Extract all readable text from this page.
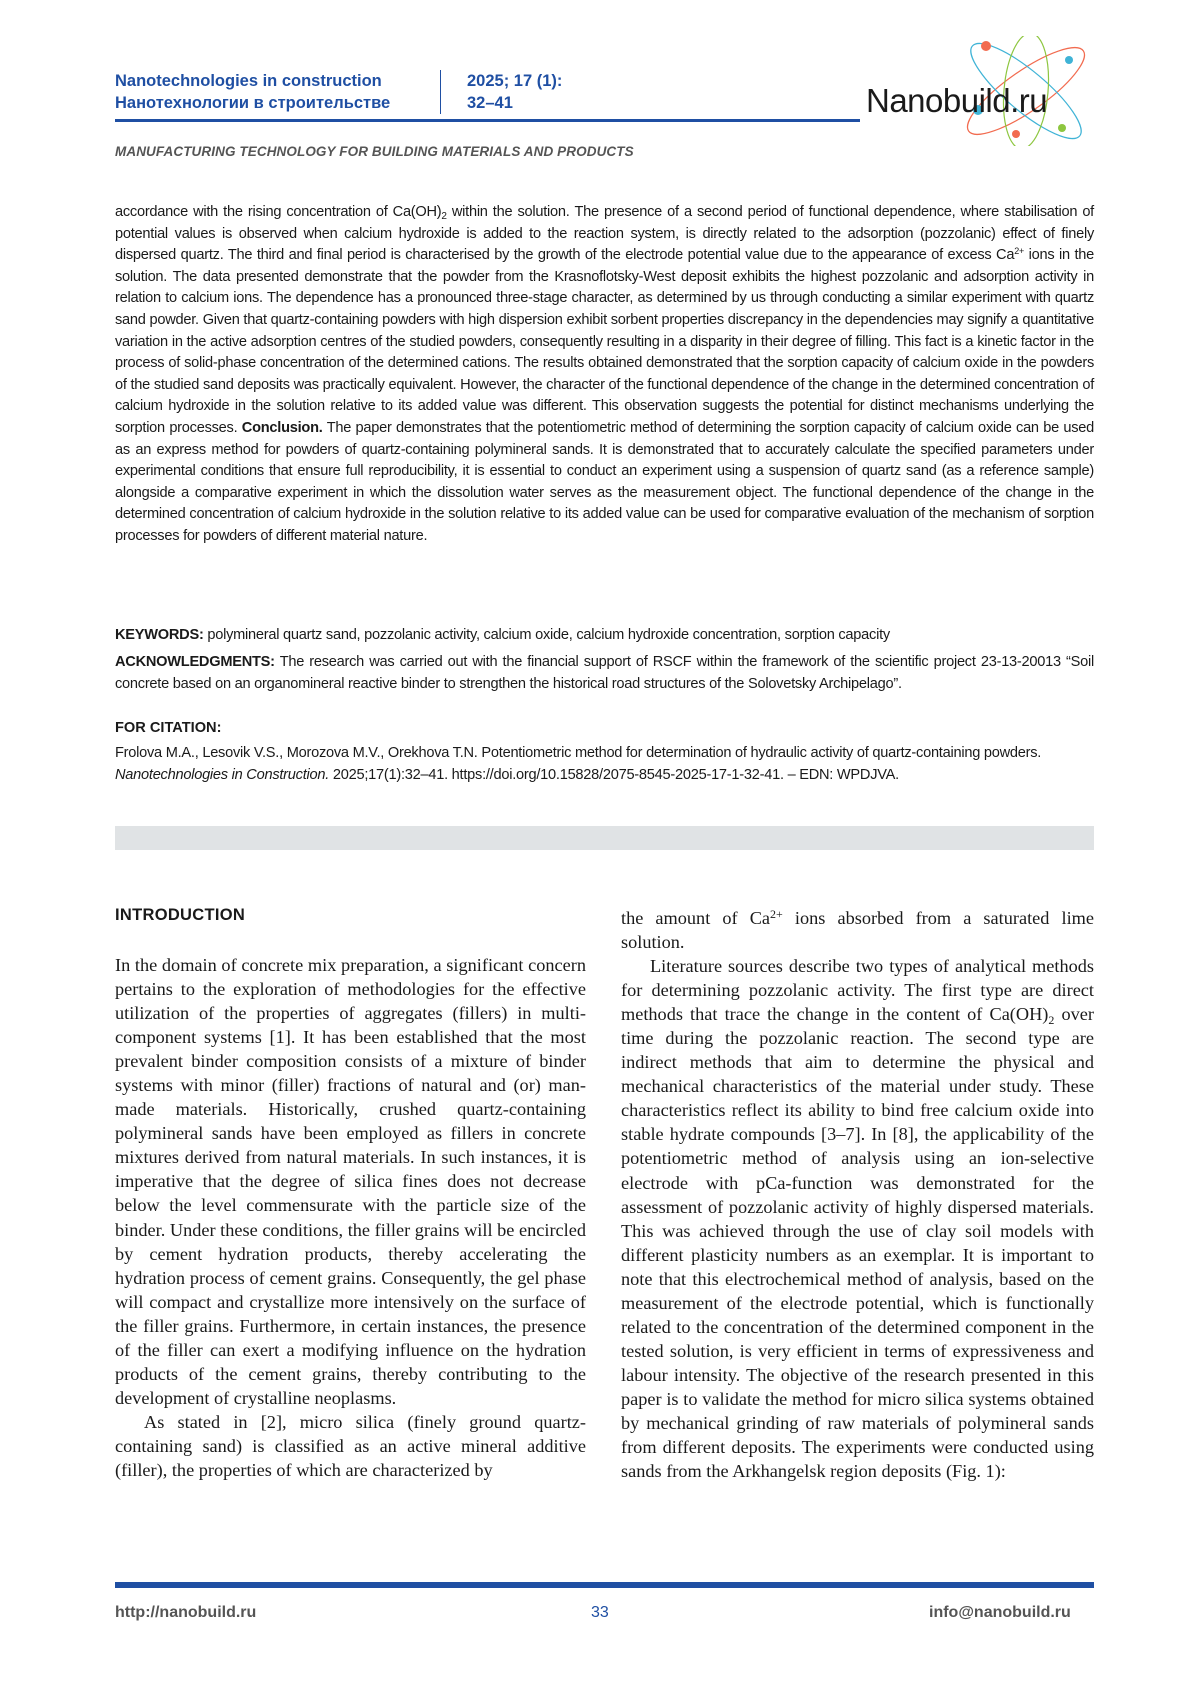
Nanotechnologies in construction
Нанотехнологии в строительстве
2025; 17 (1):
32–41	Nanobuild.ru
MANUFACTURING TECHNOLOGY FOR BUILDING MATERIALS AND PRODUCTS

accordance with the rising concentration of $Ca(OH)_2$ within the solution. The presence of a second period of functional dependence, where stabilisation of potential values is observed when calcium hydroxide is added to the reaction system, is directly related to the adsorption (pozzolanic) effect of finely dispersed quartz. The third and final period is characterised by the growth of the electrode potential value due to the appearance of excess $Ca^{2+}$ ions in the solution. The data presented demonstrate that the powder from the Krasnoflotsky-West deposit exhibits the highest pozzolanic and adsorption activity in relation to calcium ions. The dependence has a pronounced three-stage character, as determined by us through conducting a similar experiment with quartz sand powder. Given that quartz-containing powders with high dispersion exhibit sorbent properties discrepancy in the dependencies may signify a quantitative variation in the active adsorption centres of the studied powders, consequently resulting in a disparity in their degree of filling. This fact is a kinetic factor in the process of solid-phase concentration of the determined cations. The results obtained demonstrated that the sorption capacity of calcium oxide in the powders of the studied sand deposits was practically equivalent. However, the character of the functional dependence of the change in the determined concentration of calcium hydroxide in the solution relative to its added value was different. This observation suggests the potential for distinct mechanisms underlying the sorption processes. Conclusion. The paper demonstrates that the potentiometric method of determining the sorption capacity of calcium oxide can be used as an express method for powders of quartz-containing polymineral sands. It is demonstrated that to accurately calculate the specified parameters under experimental conditions that ensure full reproducibility, it is essential to conduct an experiment using a suspension of quartz sand (as a reference sample) alongside a comparative experiment in which the dissolution water serves as the measurement object. The functional dependence of the change in the determined concentration of calcium hydroxide in the solution relative to its added value can be used for comparative evaluation of the mechanism of sorption processes for powders of different material nature.

KEYWORDS: polymineral quartz sand, pozzolanic activity, calcium oxide, calcium hydroxide concentration, sorption capacity
ACKNOWLEDGMENTS: The research was carried out with the financial support of RSCF within the framework of the scientific project 23-13-20013 “Soil concrete based on an organomineral reactive binder to strengthen the historical road structures of the Solovetsky Archipelago”.
FOR CITATION:
Frolova M.A., Lesovik V.S., Morozova M.V., Orekhova T.N. Potentiometric method for determination of hydraulic activity of quartz-containing powders. Nanotechnologies in Construction. 2025;17(1):32–41. https://doi.org/10.15828/2075-8545-2025-17-1-32-41. – EDN: WPDJVA.
INTRODUCTION

In the domain of concrete mix preparation, a significant concern pertains to the exploration of methodologies for the effective utilization of the properties of aggregates (fillers) in multi-component systems [1]. It has been established that the most prevalent binder composition consists of a mixture of binder systems with minor (filler) fractions of natural and (or) man-made materials. Historically, crushed quartz-containing polymineral sands have been employed as fillers in concrete mixtures derived from natural materials. In such instances, it is imperative that the degree of silica fines does not decrease below the level commensurate with the particle size of the binder. Under these conditions, the filler grains will be encircled by cement hydration products, thereby accelerating the hydration process of cement grains. Consequently, the gel phase will compact and crystallize more intensively on the surface of the filler grains. Furthermore, in certain instances, the presence of the filler can exert a modifying influence on the hydration products of the cement grains, thereby contributing to the development of crystalline neoplasms.

As stated in [2], micro silica (finely ground quartz-containing sand) is classified as an active mineral additive (filler), the properties of which are characterized by

the amount of $Ca^{2+}$ ions absorbed from a saturated lime solution.

Literature sources describe two types of analytical methods for determining pozzolanic activity. The first type are direct methods that trace the change in the content of $Ca(OH)_2$ over time during the pozzolanic reaction. The second type are indirect methods that aim to determine the physical and mechanical characteristics of the material under study. These characteristics reflect its ability to bind free calcium oxide into stable hydrate compounds [3–7]. In [8], the applicability of the potentiometric method of analysis using an ion-selective electrode with pCa-function was demonstrated for the assessment of pozzolanic activity of highly dispersed materials. This was achieved through the use of clay soil models with different plasticity numbers as an exemplar. It is important to note that this electrochemical method of analysis, based on the measurement of the electrode potential, which is functionally related to the concentration of the determined component in the tested solution, is very efficient in terms of expressiveness and labour intensity. The objective of the research presented in this paper is to validate the method for micro silica systems obtained by mechanical grinding of raw materials of polymineral sands from different deposits. The experiments were conducted using sands from the Arkhangelsk region deposits (Fig. 1):

http://nanobuild.ru	33	info@nanobuild.ru
